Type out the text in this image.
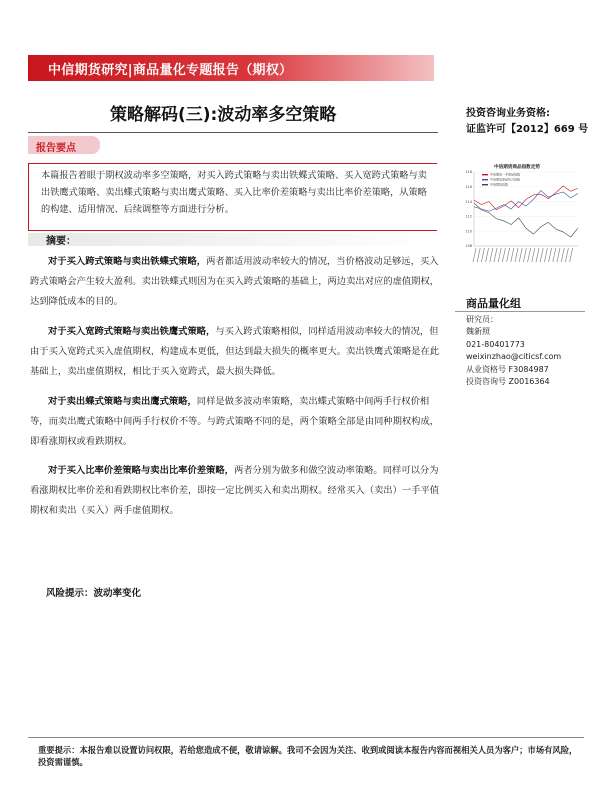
中信期货研究|商品量化专题报告（期权）
策略解码(三):波动率多空策略	投资咨询业务资格:
证监许可【2012】669 号
报告要点
本篇报告着眼于期权波动率多空策略，对买入跨式策略与卖出铁蝶式策略、买入宽跨式策略与卖出铁鹰式策略、卖出蝶式策略与卖出鹰式策略、买入比率价差策略与卖出比率价差策略，从策略的构建、适用情况、后续调整等方面进行分析。
摘要：
对于买入跨式策略与卖出铁蝶式策略，两者都适用波动率较大的情况，当价格波动足够远，买入跨式策略会产生较大盈利。卖出铁蝶式则因为在买入跨式策略的基础上，两边卖出对应的虚值期权，达到降低成本的目的。
对于买入宽跨式策略与卖出铁鹰式策略，与买入跨式策略相似，同样适用波动率较大的情况，但由于买入宽跨式买入虚值期权，构建成本更低，但达到最大损失的概率更大。卖出铁鹰式策略是在此基础上，卖出虚值期权，相比于买入宽跨式，最大损失降低。
对于卖出蝶式策略与卖出鹰式策略，同样是做多波动率策略，卖出蝶式策略中间两手行权价相等，而卖出鹰式策略中间两手行权价不等。与跨式策略不同的是，两个策略全部是由同种期权构成，即看涨期权或看跌期权。
对于买入比率价差策略与卖出比率价差策略，两者分别为做多和做空波动率策略。同样可以分为看涨期权比率价差和看跌期权比率价差，即按一定比例买入和卖出期权。经常买入（卖出）一手平值期权和卖出（买入）两手虚值期权。
风险提示：波动率变化
中信期货商品指数走势
118
116
114
112
110
108
中信期货一手商品指数
中信期货商品综合指数
中信期货指数
商品量化组
研究员：
魏新照
021-80401773
weixinzhao@citicsf.com
从业资格号 F3084987
投资咨询号 Z0016364
重要提示：本报告难以设置访问权限，若给您造成不便，敬请谅解。我司不会因为关注、收到或阅读本报告内容而视相关人员为客户；市场有风险，投资需谨慎。
